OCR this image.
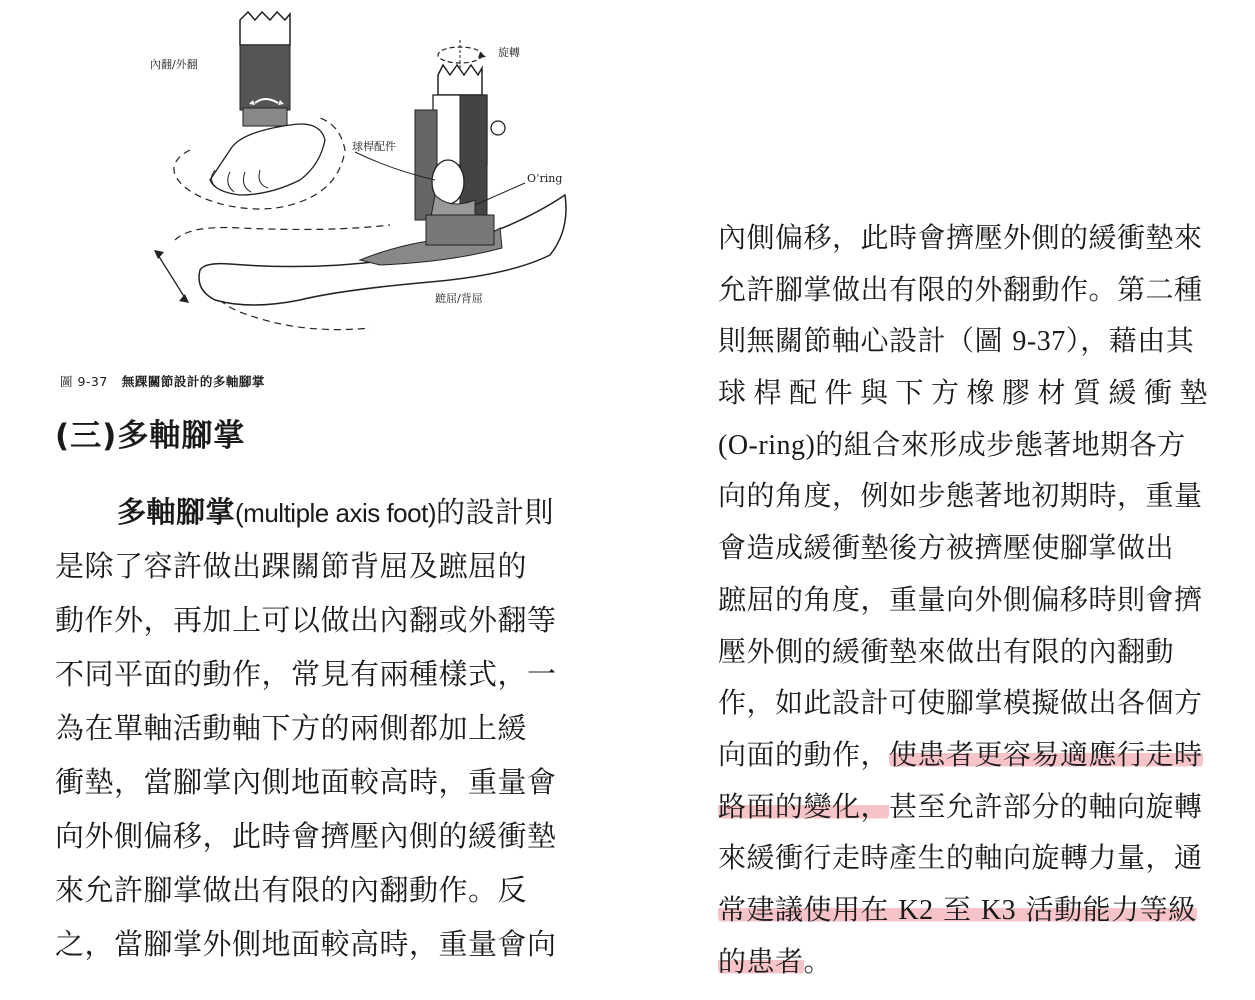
內翻/外翻
旋轉
球桿配件
O’ring
蹠屈/背屈
圖 9-37 無踝關節設計的多軸腳掌
(三)多軸腳掌
多軸腳掌(multiple axis foot)的設計則
是除了容許做出踝關節背屈及蹠屈的
動作外，再加上可以做出內翻或外翻等
不同平面的動作，常見有兩種樣式，一
為在單軸活動軸下方的兩側都加上緩
衝墊，當腳掌內側地面較高時，重量會
向外側偏移，此時會擠壓內側的緩衝墊
來允許腳掌做出有限的內翻動作。反
之，當腳掌外側地面較高時，重量會向
內側偏移，此時會擠壓外側的緩衝墊來
允許腳掌做出有限的外翻動作。第二種
則無關節軸心設計（圖 9-37），藉由其
球桿配件與下方橡膠材質緩衝墊
(O-ring)的組合來形成步態著地期各方
向的角度，例如步態著地初期時，重量
會造成緩衝墊後方被擠壓使腳掌做出
蹠屈的角度，重量向外側偏移時則會擠
壓外側的緩衝墊來做出有限的內翻動
作，如此設計可使腳掌模擬做出各個方
向面的動作，使患者更容易適應行走時
路面的變化，甚至允許部分的軸向旋轉
來緩衝行走時產生的軸向旋轉力量，通
常建議使用在 K2 至 K3 活動能力等級
的患者。
